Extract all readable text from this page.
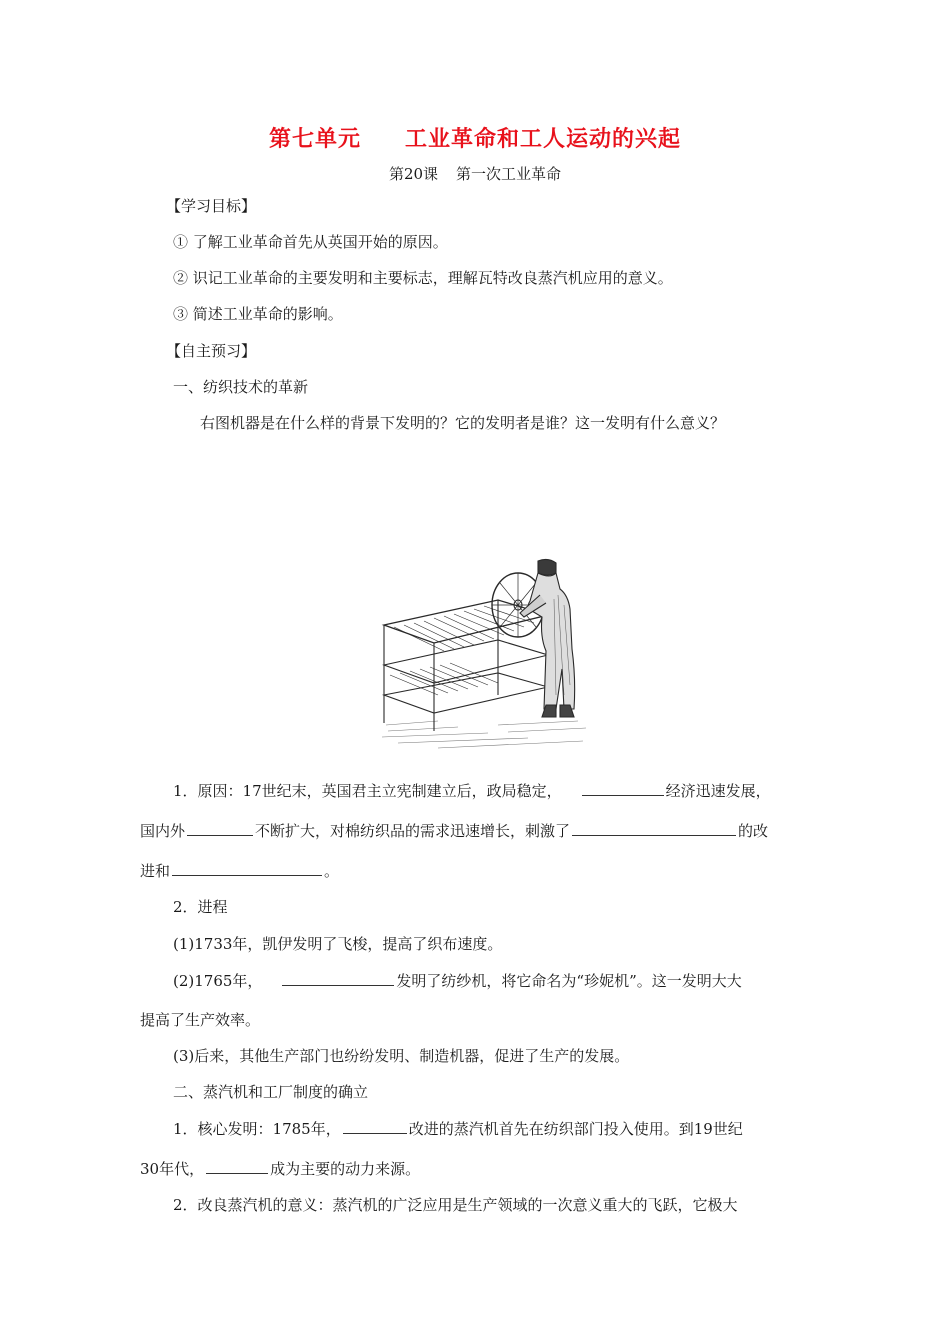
第七单元 工业革命和工人运动的兴起
第20课 第一次工业革命
【学习目标】
① 了解工业革命首先从英国开始的原因。
② 识记工业革命的主要发明和主要标志，理解瓦特改良蒸汽机应用的意义。
③ 简述工业革命的影响。
【自主预习】
一、纺织技术的革新
右图机器是在什么样的背景下发明的？它的发明者是谁？这一发明有什么意义？
1．原因：17世纪末，英国君主立宪制建立后，政局稳定，	经济迅速发展，
国内外	不断扩大，对棉纺织品的需求迅速增长，刺激了	的改
进和	。
2．进程
(1)1733年，凯伊发明了飞梭，提高了织布速度。
(2)1765年，	发明了纺纱机，将它命名为“珍妮机”。这一发明大大
提高了生产效率。
(3)后来，其他生产部门也纷纷发明、制造机器，促进了生产的发展。
二、蒸汽机和工厂制度的确立
1．核心发明：1785年，	改进的蒸汽机首先在纺织部门投入使用。到19世纪
30年代，	成为主要的动力来源。
2．改良蒸汽机的意义：蒸汽机的广泛应用是生产领域的一次意义重大的飞跃，它极大
